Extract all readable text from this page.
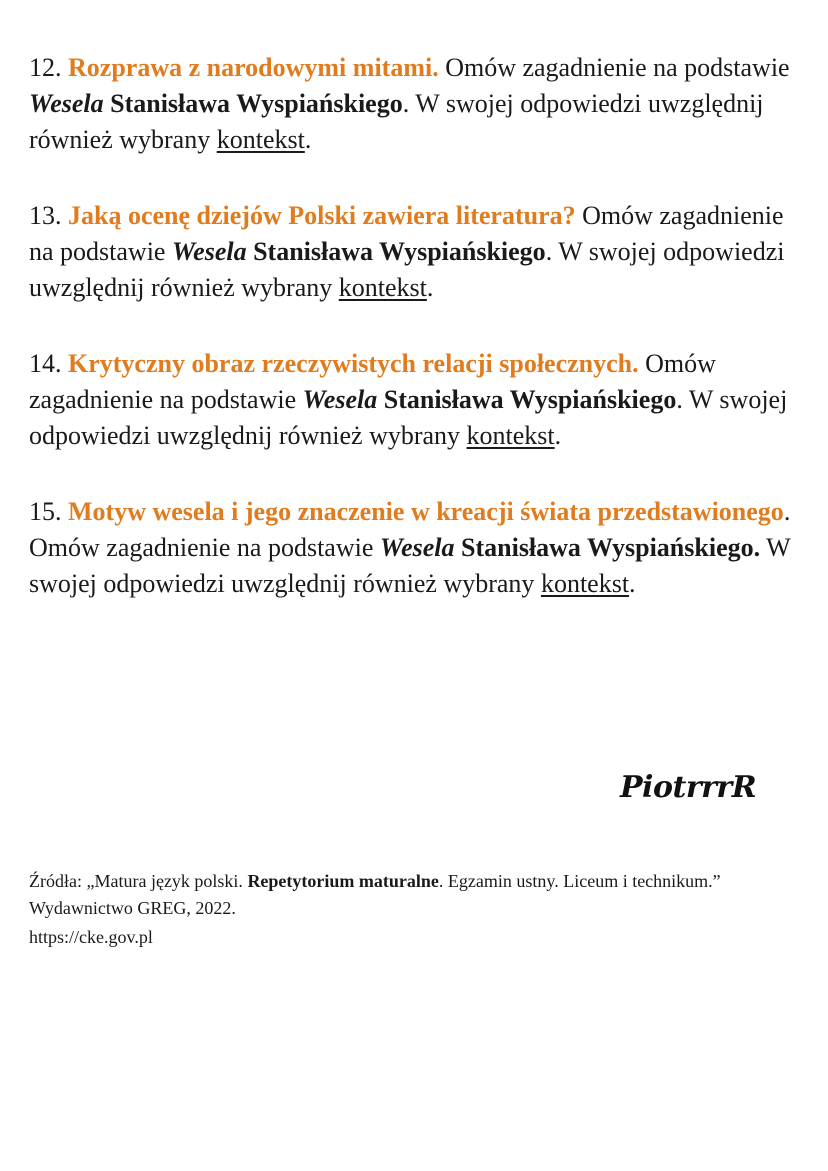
12. Rozprawa z narodowymi mitami. Omów zagadnienie na podstawie Wesela Stanisława Wyspiańskiego. W swojej odpowiedzi uwzględnij również wybrany kontekst.

13. Jaką ocenę dziejów Polski zawiera literatura? Omów zagadnienie na podstawie Wesela Stanisława Wyspiańskiego. W swojej odpowiedzi uwzględnij również wybrany kontekst.

14. Krytyczny obraz rzeczywistych relacji społecznych. Omów zagadnienie na podstawie Wesela Stanisława Wyspiańskiego. W swojej odpowiedzi uwzględnij również wybrany kontekst.

15. Motyw wesela i jego znaczenie w kreacji świata przedstawionego. Omów zagadnienie na podstawie Wesela Stanisława Wyspiańskiego. W swojej odpowiedzi uwzględnij również wybrany kontekst.

PiotrrrR
Źródła: „Matura język polski. Repetytorium maturalne. Egzamin ustny. Liceum i technikum.” Wydawnictwo GREG, 2022.
https://cke.gov.pl
